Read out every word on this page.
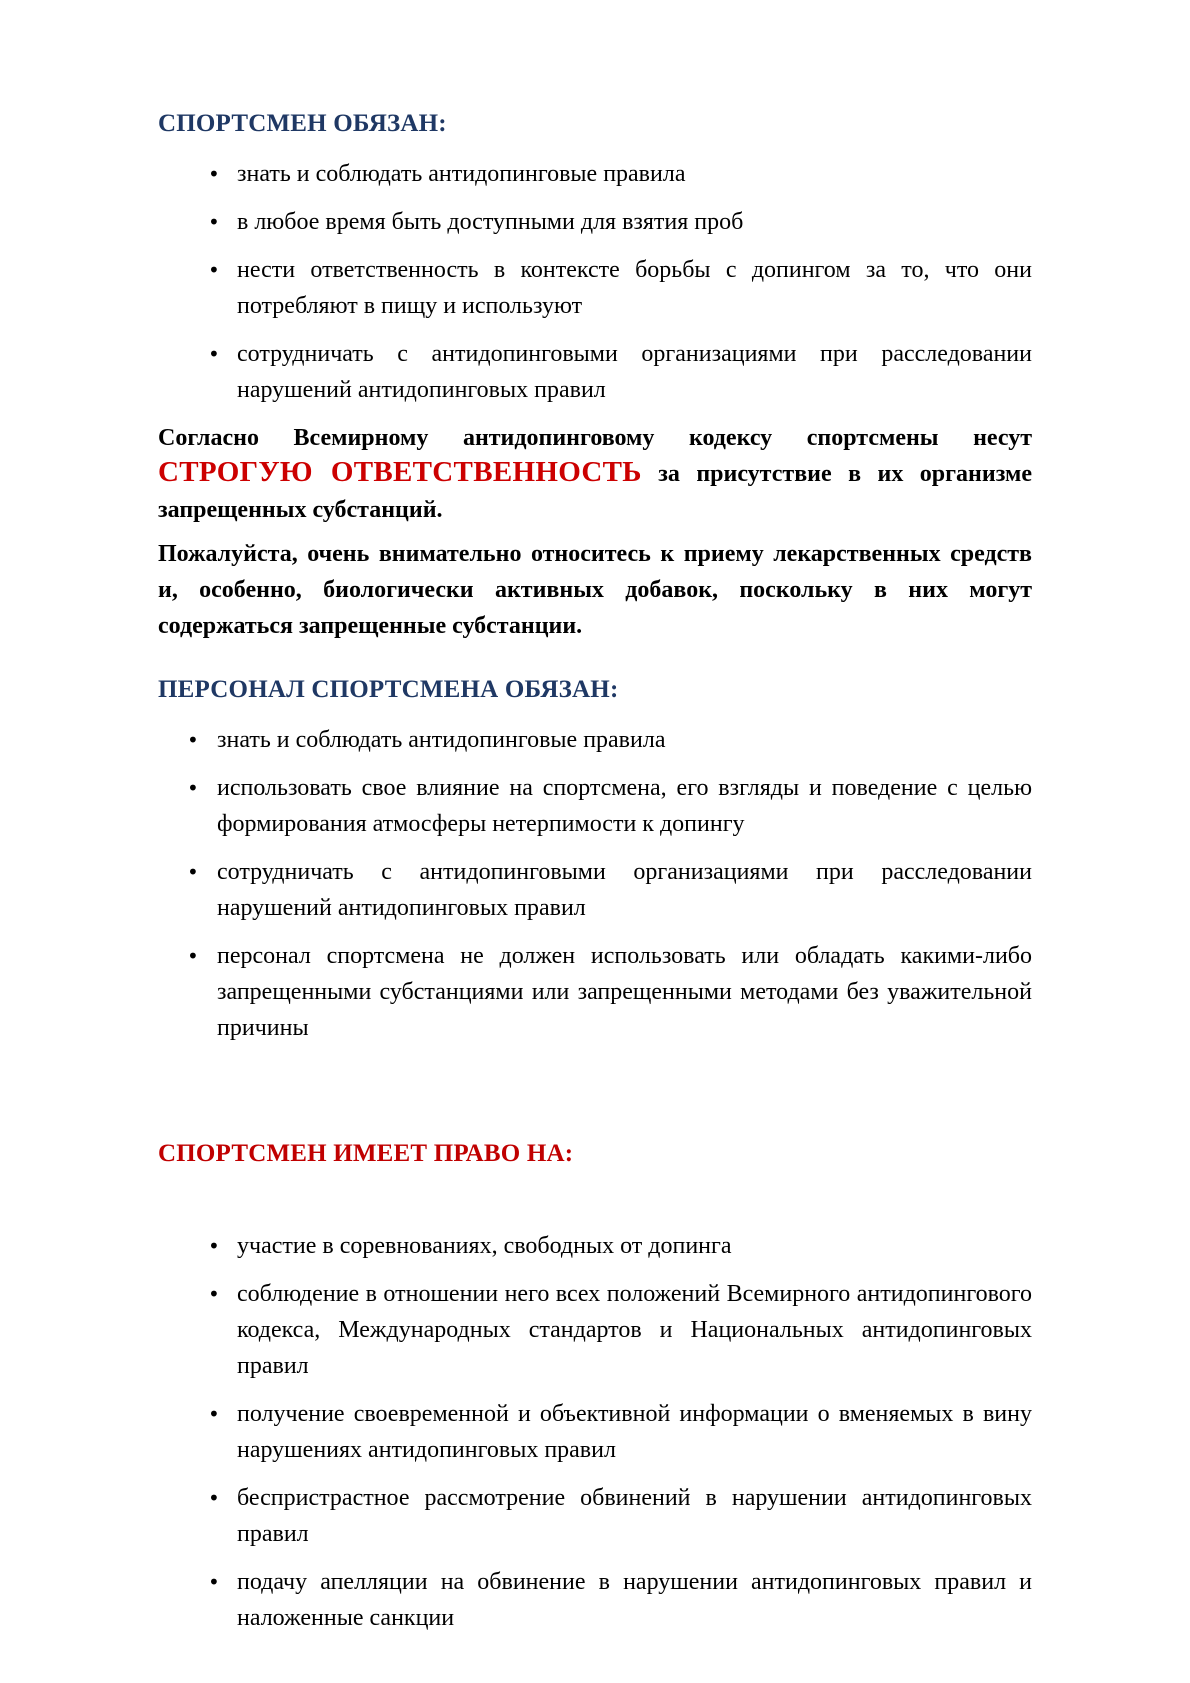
СПОРТСМЕН ОБЯЗАН:
• знать и соблюдать антидопинговые правила
• в любое время быть доступными для взятия проб
• нести ответственность в контексте борьбы с допингом за то, что они потребляют в пищу и используют
• сотрудничать с антидопинговыми организациями при расследовании нарушений антидопинговых правил

Согласно Всемирному антидопинговому кодексу спортсмены несут СТРОГУЮ ОТВЕТСТВЕННОСТЬ за присутствие в их организме запрещенных субстанций.

Пожалуйста, очень внимательно относитесь к приему лекарственных средств и, особенно, биологически активных добавок, поскольку в них могут содержаться запрещенные субстанции.

ПЕРСОНАЛ СПОРТСМЕНА ОБЯЗАН:
• знать и соблюдать антидопинговые правила
• использовать свое влияние на спортсмена, его взгляды и поведение с целью формирования атмосферы нетерпимости к допингу
• сотрудничать с антидопинговыми организациями при расследовании нарушений антидопинговых правил
• персонал спортсмена не должен использовать или обладать какими-либо запрещенными субстанциями или запрещенными методами без уважительной причины
СПОРТСМЕН ИМЕЕТ ПРАВО НА:
• участие в соревнованиях, свободных от допинга
• соблюдение в отношении него всех положений Всемирного антидопингового кодекса, Международных стандартов и Национальных антидопинговых правил
• получение своевременной и объективной информации о вменяемых в вину нарушениях антидопинговых правил
• беспристрастное рассмотрение обвинений в нарушении антидопинговых правил
• подачу апелляции на обвинение в нарушении антидопинговых правил и наложенные санкции
